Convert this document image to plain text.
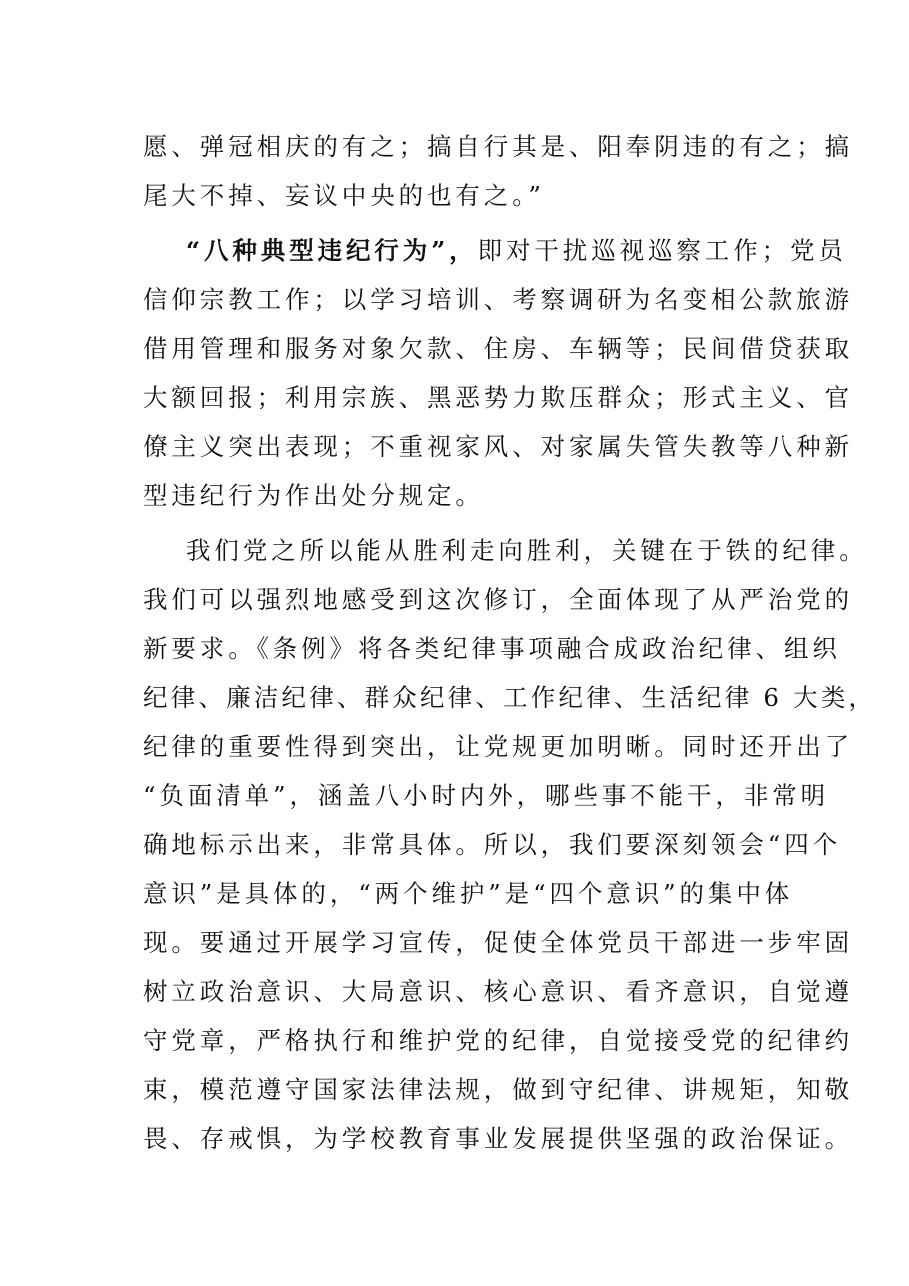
愿、弹冠相庆的有之；搞自行其是、阳奉阴违的有之；搞
尾大不掉、妄议中央的也有之。”
“八种典型违纪行为”，即对干扰巡视巡察工作；党员
信仰宗教工作；以学习培训、考察调研为名变相公款旅游
借用管理和服务对象欠款、住房、车辆等；民间借贷获取
大额回报；利用宗族、黑恶势力欺压群众；形式主义、官
僚主义突出表现；不重视家风、对家属失管失教等八种新
型违纪行为作出处分规定。
我们党之所以能从胜利走向胜利，关键在于铁的纪律。
我们可以强烈地感受到这次修订，全面体现了从严治党的
新要求。《条例》将各类纪律事项融合成政治纪律、组织
纪律、廉洁纪律、群众纪律、工作纪律、生活纪律 6 大类，
纪律的重要性得到突出，让党规更加明晰。同时还开出了
“负面清单”，涵盖八小时内外，哪些事不能干，非常明
确地标示出来，非常具体。所以，我们要深刻领会“四个
意识”是具体的，“两个维护”是“四个意识”的集中体
现。要通过开展学习宣传，促使全体党员干部进一步牢固
树立政治意识、大局意识、核心意识、看齐意识，自觉遵
守党章，严格执行和维护党的纪律，自觉接受党的纪律约
束，模范遵守国家法律法规，做到守纪律、讲规矩，知敬
畏、存戒惧，为学校教育事业发展提供坚强的政治保证。
